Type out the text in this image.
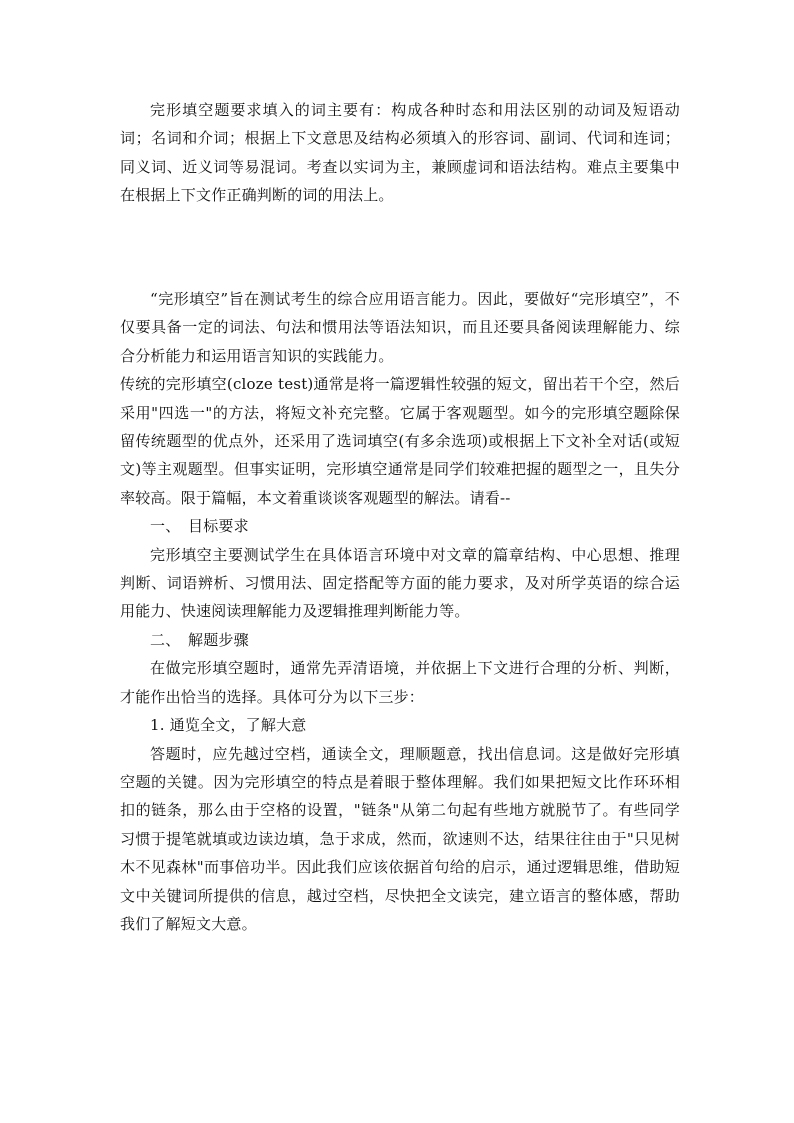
完形填空题要求填入的词主要有：构成各种时态和用法区别的动词及短语动词；名词和介词；根据上下文意思及结构必须填入的形容词、副词、代词和连词；同义词、近义词等易混词。考查以实词为主，兼顾虚词和语法结构。难点主要集中在根据上下文作正确判断的词的用法上。

“完形填空”旨在测试考生的综合应用语言能力。因此，要做好“完形填空”，不仅要具备一定的词法、句法和惯用法等语法知识，而且还要具备阅读理解能力、综合分析能力和运用语言知识的实践能力。

传统的完形填空(cloze test)通常是将一篇逻辑性较强的短文，留出若干个空，然后采用"四选一"的方法，将短文补充完整。它属于客观题型。如今的完形填空题除保留传统题型的优点外，还采用了选词填空(有多余选项)或根据上下文补全对话(或短文)等主观题型。但事实证明，完形填空通常是同学们较难把握的题型之一，且失分率较高。限于篇幅，本文着重谈谈客观题型的解法。请看--

一、 目标要求

完形填空主要测试学生在具体语言环境中对文章的篇章结构、中心思想、推理判断、词语辨析、习惯用法、固定搭配等方面的能力要求，及对所学英语的综合运用能力、快速阅读理解能力及逻辑推理判断能力等。

二、 解题步骤

在做完形填空题时，通常先弄清语境，并依据上下文进行合理的分析、判断，才能作出恰当的选择。具体可分为以下三步：

1. 通览全文，了解大意

答题时，应先越过空档，通读全文，理顺题意，找出信息词。这是做好完形填空题的关键。因为完形填空的特点是着眼于整体理解。我们如果把短文比作环环相扣的链条，那么由于空格的设置，"链条"从第二句起有些地方就脱节了。有些同学习惯于提笔就填或边读边填，急于求成，然而，欲速则不达，结果往往由于"只见树木不见森林"而事倍功半。因此我们应该依据首句给的启示，通过逻辑思维，借助短文中关键词所提供的信息，越过空档，尽快把全文读完，建立语言的整体感，帮助我们了解短文大意。
